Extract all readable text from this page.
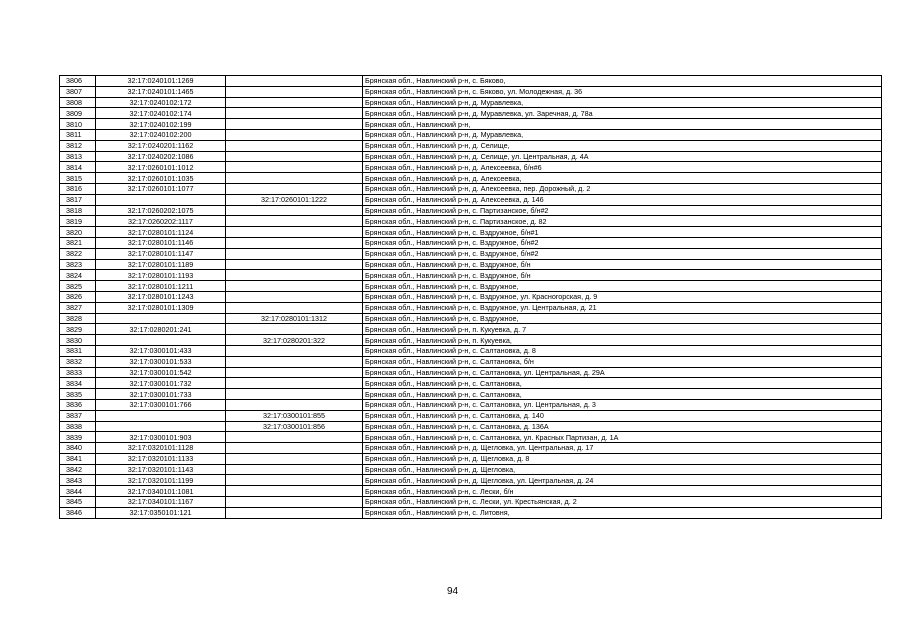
3806	32:17:0240101:1269		Брянская обл., Навлинский р-н, с. Бяково,
3807	32:17:0240101:1465		Брянская обл., Навлинский р-н, с. Бяково, ул. Молодежная, д. 36
3808	32:17:0240102:172		Брянская обл., Навлинский р-н, д. Муравлевка,
3809	32:17:0240102:174		Брянская обл., Навлинский р-н, д. Муравлевка, ул. Заречная, д. 78а
3810	32:17:0240102:199		Брянская обл., Навлинский р-н,
3811	32:17:0240102:200		Брянская обл., Навлинский р-н, д. Муравлевка,
3812	32:17:0240201:1162		Брянская обл., Навлинский р-н, д. Селище,
3813	32:17:0240202:1086		Брянская обл., Навлинский р-н, д. Селище, ул. Центральная, д. 4А
3814	32:17:0260101:1012		Брянская обл., Навлинский р-н, д. Алексеевка, б/н#6
3815	32:17:0260101:1035		Брянская обл., Навлинский р-н, д. Алексеевка,
3816	32:17:0260101:1077		Брянская обл., Навлинский р-н, д. Алексеевка, пер. Дорожный, д. 2
3817		32:17:0260101:1222	Брянская обл., Навлинский р-н, д. Алексеевка, д. 146
3818	32:17:0260202:1075		Брянская обл., Навлинский р-н, с. Партизанское, б/н#2
3819	32:17:0260202:1117		Брянская обл., Навлинский р-н, с. Партизанское, д. 82
3820	32:17:0280101:1124		Брянская обл., Навлинский р-н, с. Вздружное, б/н#1
3821	32:17:0280101:1146		Брянская обл., Навлинский р-н, с. Вздружное, б/н#2
3822	32:17:0280101:1147		Брянская обл., Навлинский р-н, с. Вздружное, б/н#2
3823	32:17:0280101:1189		Брянская обл., Навлинский р-н, с. Вздружное, б/н
3824	32:17:0280101:1193		Брянская обл., Навлинский р-н, с. Вздружное, б/н
3825	32:17:0280101:1211		Брянская обл., Навлинский р-н, с. Вздружное,
3826	32:17:0280101:1243		Брянская обл., Навлинский р-н, с. Вздружное, ул. Красногорская, д. 9
3827	32:17:0280101:1309		Брянская обл., Навлинский р-н, с. Вздружное, ул. Центральная, д. 21
3828		32:17:0280101:1312	Брянская обл., Навлинский р-н, с. Вздружное,
3829	32:17:0280201:241		Брянская обл., Навлинский р-н, п. Кукуевка, д. 7
3830		32:17:0280201:322	Брянская обл., Навлинский р-н, п. Кукуевка,
3831	32:17:0300101:433		Брянская обл., Навлинский р-н, с. Салтановка, д. 8
3832	32:17:0300101:533		Брянская обл., Навлинский р-н, с. Салтановка, б/н
3833	32:17:0300101:542		Брянская обл., Навлинский р-н, с. Салтановка, ул. Центральная, д. 29А
3834	32:17:0300101:732		Брянская обл., Навлинский р-н, с. Салтановка,
3835	32:17:0300101:733		Брянская обл., Навлинский р-н, с. Салтановка,
3836	32:17:0300101:766		Брянская обл., Навлинский р-н, с. Салтановка, ул. Центральная, д. 3
3837		32:17:0300101:855	Брянская обл., Навлинский р-н, с. Салтановка, д. 140
3838		32:17:0300101:856	Брянская обл., Навлинский р-н, с. Салтановка, д. 136А
3839	32:17:0300101:903		Брянская обл., Навлинский р-н, с. Салтановка, ул. Красных Партизан, д. 1А
3840	32:17:0320101:1128		Брянская обл., Навлинский р-н, д. Щегловка, ул. Центральная, д. 17
3841	32:17:0320101:1133		Брянская обл., Навлинский р-н, д. Щегловка, д. 8
3842	32:17:0320101:1143		Брянская обл., Навлинский р-н, д. Щегловка,
3843	32:17:0320101:1199		Брянская обл., Навлинский р-н, д. Щегловка, ул. Центральная, д. 24
3844	32:17:0340101:1081		Брянская обл., Навлинский р-н, с. Лески, б/н
3845	32:17:0340101:1167		Брянская обл., Навлинский р-н, с. Лески, ул. Крестьянская, д. 2
3846	32:17:0350101:121		Брянская обл., Навлинский р-н, с. Литовня,
94
